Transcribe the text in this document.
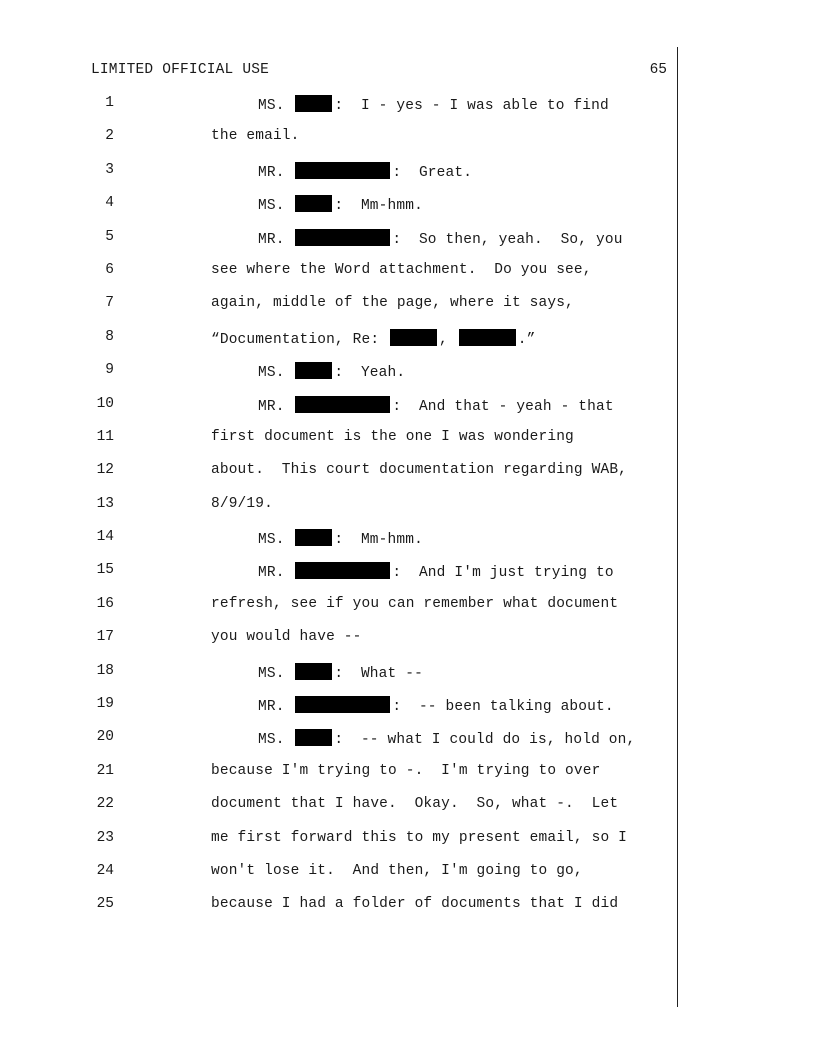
LIMITED OFFICIAL USE	65
1	MS.	:  I - yes - I was able to find
2	the email.
3	MR.	:  Great.
4	MS.	:  Mm-hmm.
5	MR.	:  So then, yeah.  So, you
6	see where the Word attachment.  Do you see,
7	again, middle of the page, where it says,
8	“Documentation, Re:	,	.”
9	MS.	:  Yeah.
10	MR.	:  And that - yeah - that
11	first document is the one I was wondering
12	about.  This court documentation regarding WAB,
13	8/9/19.
14	MS.	:  Mm-hmm.
15	MR.	:  And I'm just trying to
16	refresh, see if you can remember what document
17	you would have --
18	MS.	:  What --
19	MR.	:  -- been talking about.
20	MS.	:  -- what I could do is, hold on,
21	because I'm trying to -.  I'm trying to over
22	document that I have.  Okay.  So, what -.  Let
23	me first forward this to my present email, so I
24	won't lose it.  And then, I'm going to go,
25	because I had a folder of documents that I did
